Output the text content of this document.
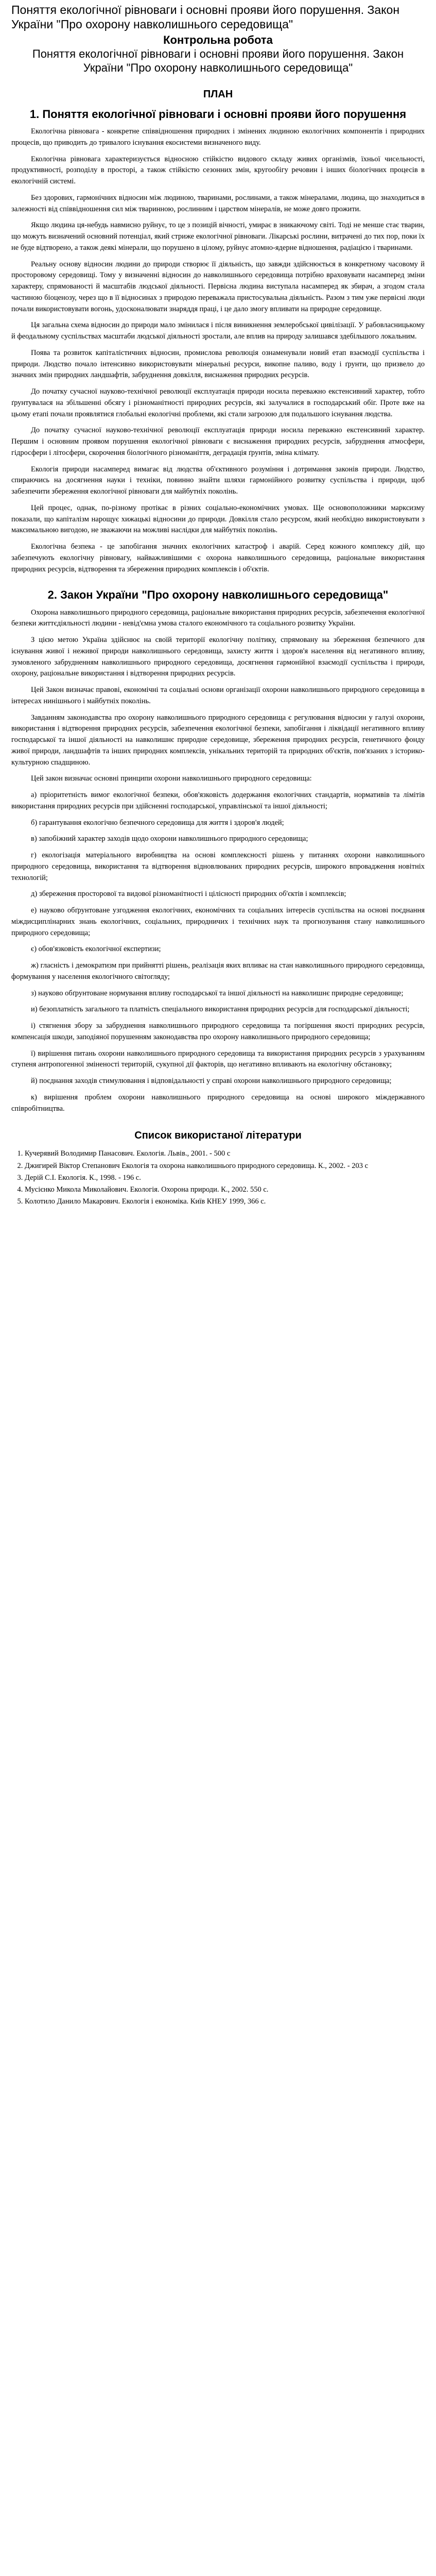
Поняття екологічної рівноваги і основні прояви його порушення. Закон України "Про охорону навколишнього середовища"
Контрольна робота
Поняття екологічної рівноваги і основні прояви його порушення. Закон України "Про охорону навколишнього середовища"
ПЛАН
1. Поняття екологічної рівноваги і основні прояви його порушення

Екологічна рівновага - конкретне співвідношення природних і змінених людиною екологічних компонентів і природних процесів, що приводить до тривалого існування екосистеми визначеного виду.

Екологічна рівновага характеризується відносною стійкістю видового складу живих організмів, їхньої чисельності, продуктивності, розподілу в просторі, а також стійкістю сезонних змін, кругообігу речовин і інших біологічних процесів в екологічній системі.

Без здорових, гармонічних відносин між людиною, тваринами, рослинами, а також мінералами, людина, що знаходиться в залежності від співвідношення сил між тваринною, рослинним і царством мінералів, не може довго прожити.

Якщо людина ця-небудь навмисно руйнує, то це з позицій вічності, умирає в зникаючому світі. Тоді не менше стає тварин, що можуть визначений основний потенціал, який стриже екологічної рівноваги. Лікарські рослини, витрачені до тих пор, поки їх не буде відтворено, а також деякі мінерали, що порушено в цілому, руйнує атомно-ядерне відношення, радіацією і тваринами.

Реальну основу відносин людини до природи створює її діяльність, що завжди здійснюється в конкретному часовому й просторовому середовищі. Тому у визначенні відносин до навколишнього середовища потрібно враховувати насамперед зміни характеру, спрямованості й масштабів людської діяльності. Первісна людина виступала насамперед як збирач, а згодом стала частиною біоценозу, через що в її відносинах з природою переважала пристосувальна діяльність. Разом з тим уже первісні люди почали використовувати вогонь, удосконалювати знаряддя праці, і це дало змогу впливати на природне середовище.

Ця загальна схема відносин до природи мало змінилася і після виникнення землеробської цивілізації. У рабовласницькому й феодальному суспільствах масштаби людської діяльності зростали, але вплив на природу залишався здебільшого локальним.

Поява та розвиток капіталістичних відносин, промислова революція ознаменували новий етап взаємодії суспільства і природи. Людство почало інтенсивно використовувати мінеральні ресурси, викопне паливо, воду і ґрунти, що призвело до значних змін природних ландшафтів, забруднення довкілля, виснаження природних ресурсів.

До початку сучасної науково-технічної революції експлуатація природи носила переважно екстенсивний характер, тобто ґрунтувалася на збільшенні обсягу і різноманітності природних ресурсів, які залучалися в господарський обіг. Проте вже на цьому етапі почали проявлятися глобальні екологічні проблеми, які стали загрозою для подальшого існування людства.

До початку сучасної науково-технічної революції експлуатація природи носила переважно екстенсивний характер. Першим і основним проявом порушення екологічної рівноваги є виснаження природних ресурсів, забруднення атмосфери, гідросфери і літосфери, скорочення біологічного різноманіття, деградація ґрунтів, зміна клімату.

Екологія природи насамперед вимагає від людства об'єктивного розуміння і дотримання законів природи. Людство, спираючись на досягнення науки і техніки, повинно знайти шляхи гармонійного розвитку суспільства і природи, щоб забезпечити збереження екологічної рівноваги для майбутніх поколінь.

Цей процес, однак, по-різному протікає в різних соціально-економічних умовах. Ще основоположники марксизму показали, що капіталізм нарощує хижацькі відносини до природи. Довкілля стало ресурсом, який необхідно використовувати з максимальною вигодою, не зважаючи на можливі наслідки для майбутніх поколінь.

Екологічна безпека - це запобігання значних екологічних катастроф і аварій. Серед кожного комплексу дій, що забезпечують екологічну рівновагу, найважливішими є охорона навколишнього середовища, раціональне використання природних ресурсів, відтворення та збереження природних комплексів і об'єктів.

2. Закон України "Про охорону навколишнього середовища"

Охорона навколишнього природного середовища, раціональне використання природних ресурсів, забезпечення екологічної безпеки життєдіяльності людини - невід'ємна умова сталого економічного та соціального розвитку України.

З цією метою Україна здійснює на своїй території екологічну політику, спрямовану на збереження безпечного для існування живої і неживої природи навколишнього середовища, захисту життя і здоров'я населення від негативного впливу, зумовленого забрудненням навколишнього природного середовища, досягнення гармонійної взаємодії суспільства і природи, охорону, раціональне використання і відтворення природних ресурсів.

Цей Закон визначає правові, економічні та соціальні основи організації охорони навколишнього природного середовища в інтересах нинішнього і майбутніх поколінь.

Завданням законодавства про охорону навколишнього природного середовища є регулювання відносин у галузі охорони, використання і відтворення природних ресурсів, забезпечення екологічної безпеки, запобігання і ліквідації негативного впливу господарської та іншої діяльності на навколишнє природне середовище, збереження природних ресурсів, генетичного фонду живої природи, ландшафтів та інших природних комплексів, унікальних територій та природних об'єктів, пов'язаних з історико-культурною спадщиною.

Цей закон визначає основні принципи охорони навколишнього природного середовища:

а) пріоритетність вимог екологічної безпеки, обов'язковість додержання екологічних стандартів, нормативів та лімітів використання природних ресурсів при здійсненні господарської, управлінської та іншої діяльності;

б) гарантування екологічно безпечного середовища для життя і здоров'я людей;

в) запобіжний характер заходів щодо охорони навколишнього природного середовища;

г) екологізація матеріального виробництва на основі комплексності рішень у питаннях охорони навколишнього природного середовища, використання та відтворення відновлюваних природних ресурсів, широкого впровадження новітніх технологій;

д) збереження просторової та видової різноманітності і цілісності природних об'єктів і комплексів;

е) науково обґрунтоване узгодження екологічних, економічних та соціальних інтересів суспільства на основі поєднання міждисциплінарних знань екологічних, соціальних, природничих і технічних наук та прогнозування стану навколишнього природного середовища;

є) обов'язковість екологічної експертизи;

ж) гласність і демократизм при прийнятті рішень, реалізація яких впливає на стан навколишнього природного середовища, формування у населення екологічного світогляду;

з) науково обґрунтоване нормування впливу господарської та іншої діяльності на навколишнє природне середовище;

и) безоплатність загального та платність спеціального використання природних ресурсів для господарської діяльності;

і) стягнення збору за забруднення навколишнього природного середовища та погіршення якості природних ресурсів, компенсація шкоди, заподіяної порушенням законодавства про охорону навколишнього природного середовища;

ї) вирішення питань охорони навколишнього природного середовища та використання природних ресурсів з урахуванням ступеня антропогенної зміненості територій, сукупної дії факторів, що негативно впливають на екологічну обстановку;

й) поєднання заходів стимулювання і відповідальності у справі охорони навколишнього природного середовища;

к) вирішення проблем охорони навколишнього природного середовища на основі широкого міждержавного співробітництва.

Список використаної літератури
1. Кучерявий Володимир Панасович. Екологія. Львів., 2001. - 500 с
2. Джигирей Віктор Степанович Екологія та охорона навколишнього природного середовища. К., 2002. - 203 с
3. Дерій С.І. Екологія. К., 1998. - 196 с.
4. Мусієнко Микола Миколайович. Екологія. Охорона природи. К., 2002. 550 с.
5. Колотило Данило Макарович. Екологія і економіка. Київ КНЕУ 1999, 366 с.
